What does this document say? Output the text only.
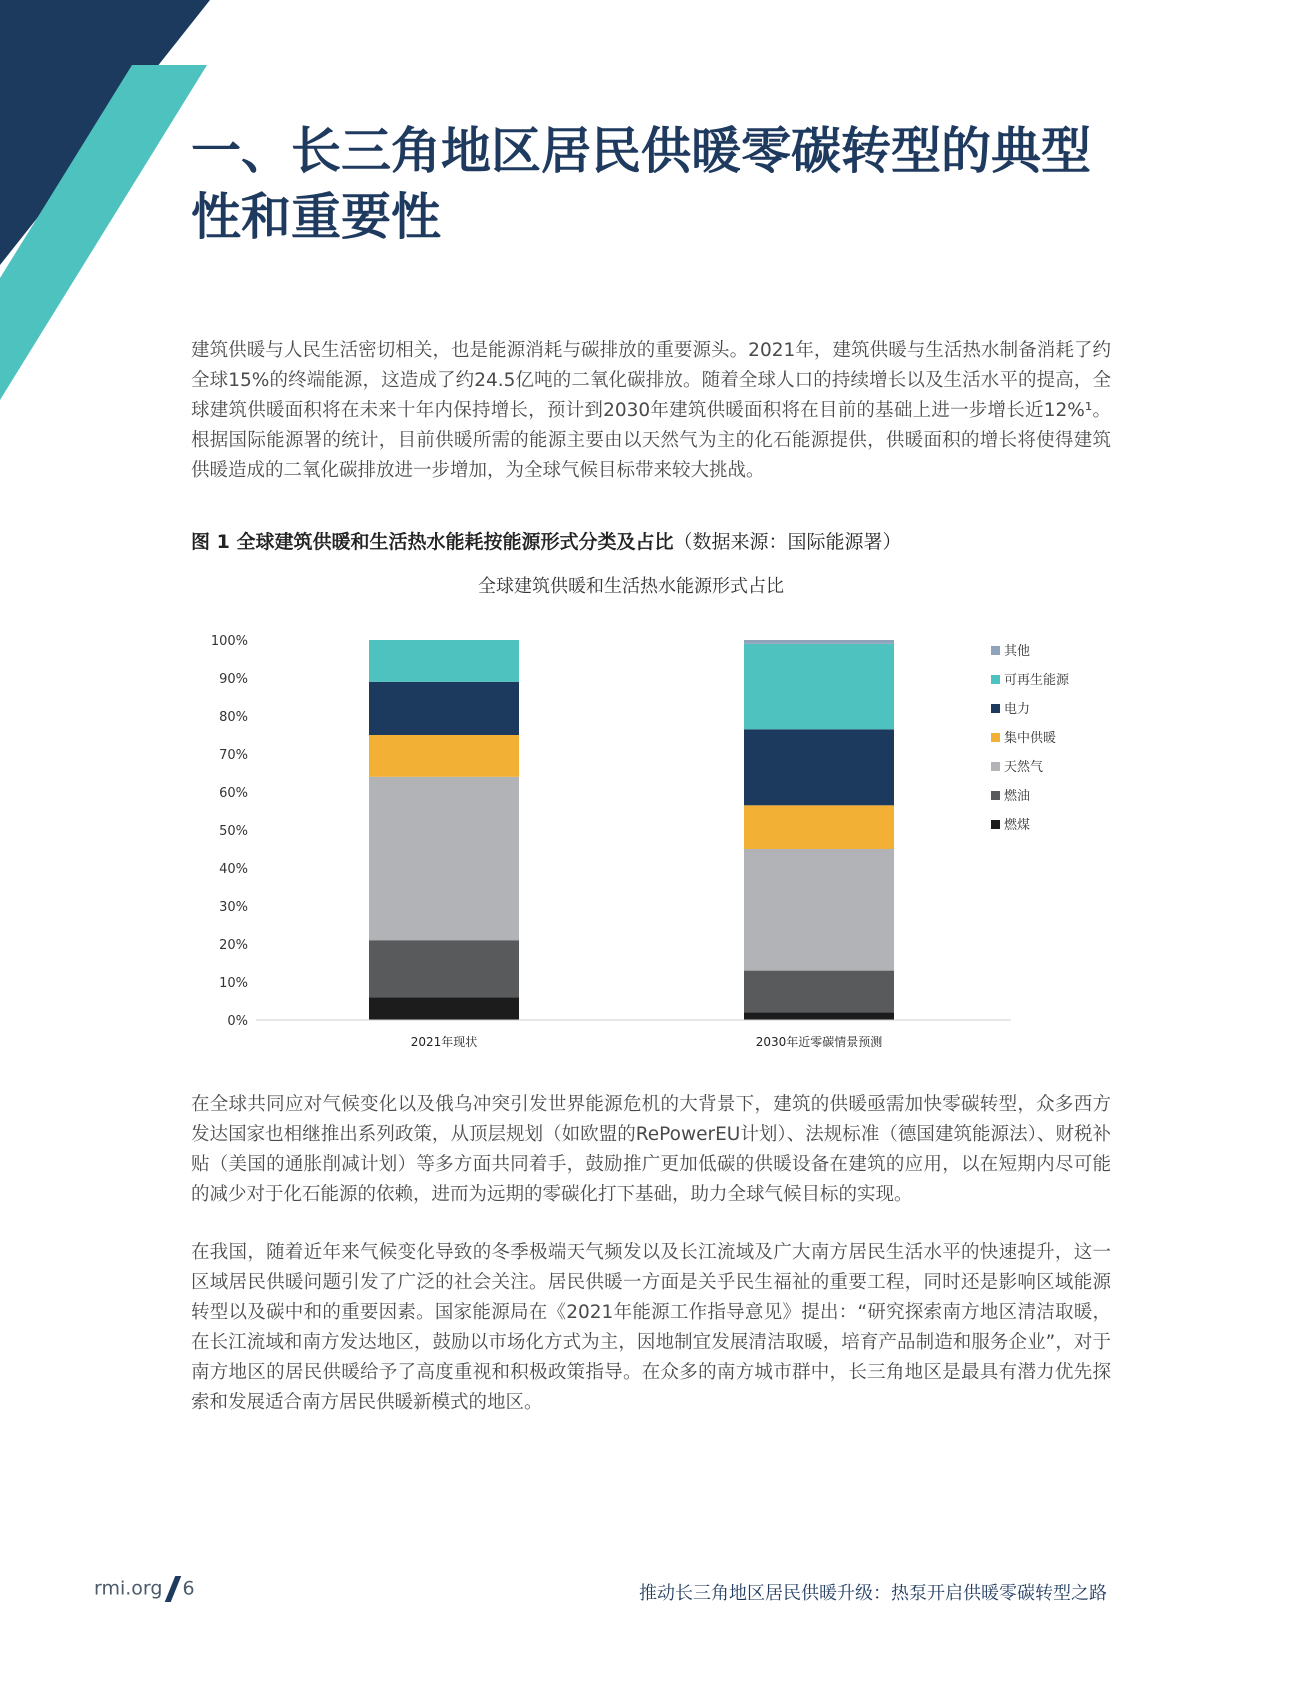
一、长三角地区居民供暖零碳转型的典型
性和重要性

建筑供暖与人民生活密切相关，也是能源消耗与碳排放的重要源头。2021年，建筑供暖与生活热水制备消耗了约全球15%的终端能源，这造成了约24.5亿吨的二氧化碳排放。随着全球人口的持续增长以及生活水平的提高，全球建筑供暖面积将在未来十年内保持增长，预计到2030年建筑供暖面积将在目前的基础上进一步增长近12%¹。根据国际能源署的统计，目前供暖所需的能源主要由以天然气为主的化石能源提供，供暖面积的增长将使得建筑供暖造成的二氧化碳排放进一步增加，为全球气候目标带来较大挑战。

图 1 全球建筑供暖和生活热水能耗按能源形式分类及占比（数据来源：国际能源署）

全球建筑供暖和生活热水能源形式占比
0%
10%
20%
30%
40%
50%
60%
70%
80%
90%
100%
2021年现状	2030年近零碳情景预测
其他
可再生能源
电力
集中供暖
天然气
燃油
燃煤

在全球共同应对气候变化以及俄乌冲突引发世界能源危机的大背景下，建筑的供暖亟需加快零碳转型，众多西方发达国家也相继推出系列政策，从顶层规划（如欧盟的RePowerEU计划）、法规标准（德国建筑能源法）、财税补贴（美国的通胀削减计划）等多方面共同着手，鼓励推广更加低碳的供暖设备在建筑的应用，以在短期内尽可能的减少对于化石能源的依赖，进而为远期的零碳化打下基础，助力全球气候目标的实现。

在我国，随着近年来气候变化导致的冬季极端天气频发以及长江流域及广大南方居民生活水平的快速提升，这一区域居民供暖问题引发了广泛的社会关注。居民供暖一方面是关乎民生福祉的重要工程，同时还是影响区域能源转型以及碳中和的重要因素。国家能源局在《2021年能源工作指导意见》提出：“研究探索南方地区清洁取暖，在长江流域和南方发达地区，鼓励以市场化方式为主，因地制宜发展清洁取暖，培育产品制造和服务企业”，对于南方地区的居民供暖给予了高度重视和积极政策指导。在众多的南方城市群中，长三角地区是最具有潜力优先探索和发展适合南方居民供暖新模式的地区。

rmi.org 6	推动长三角地区居民供暖升级：热泵开启供暖零碳转型之路
